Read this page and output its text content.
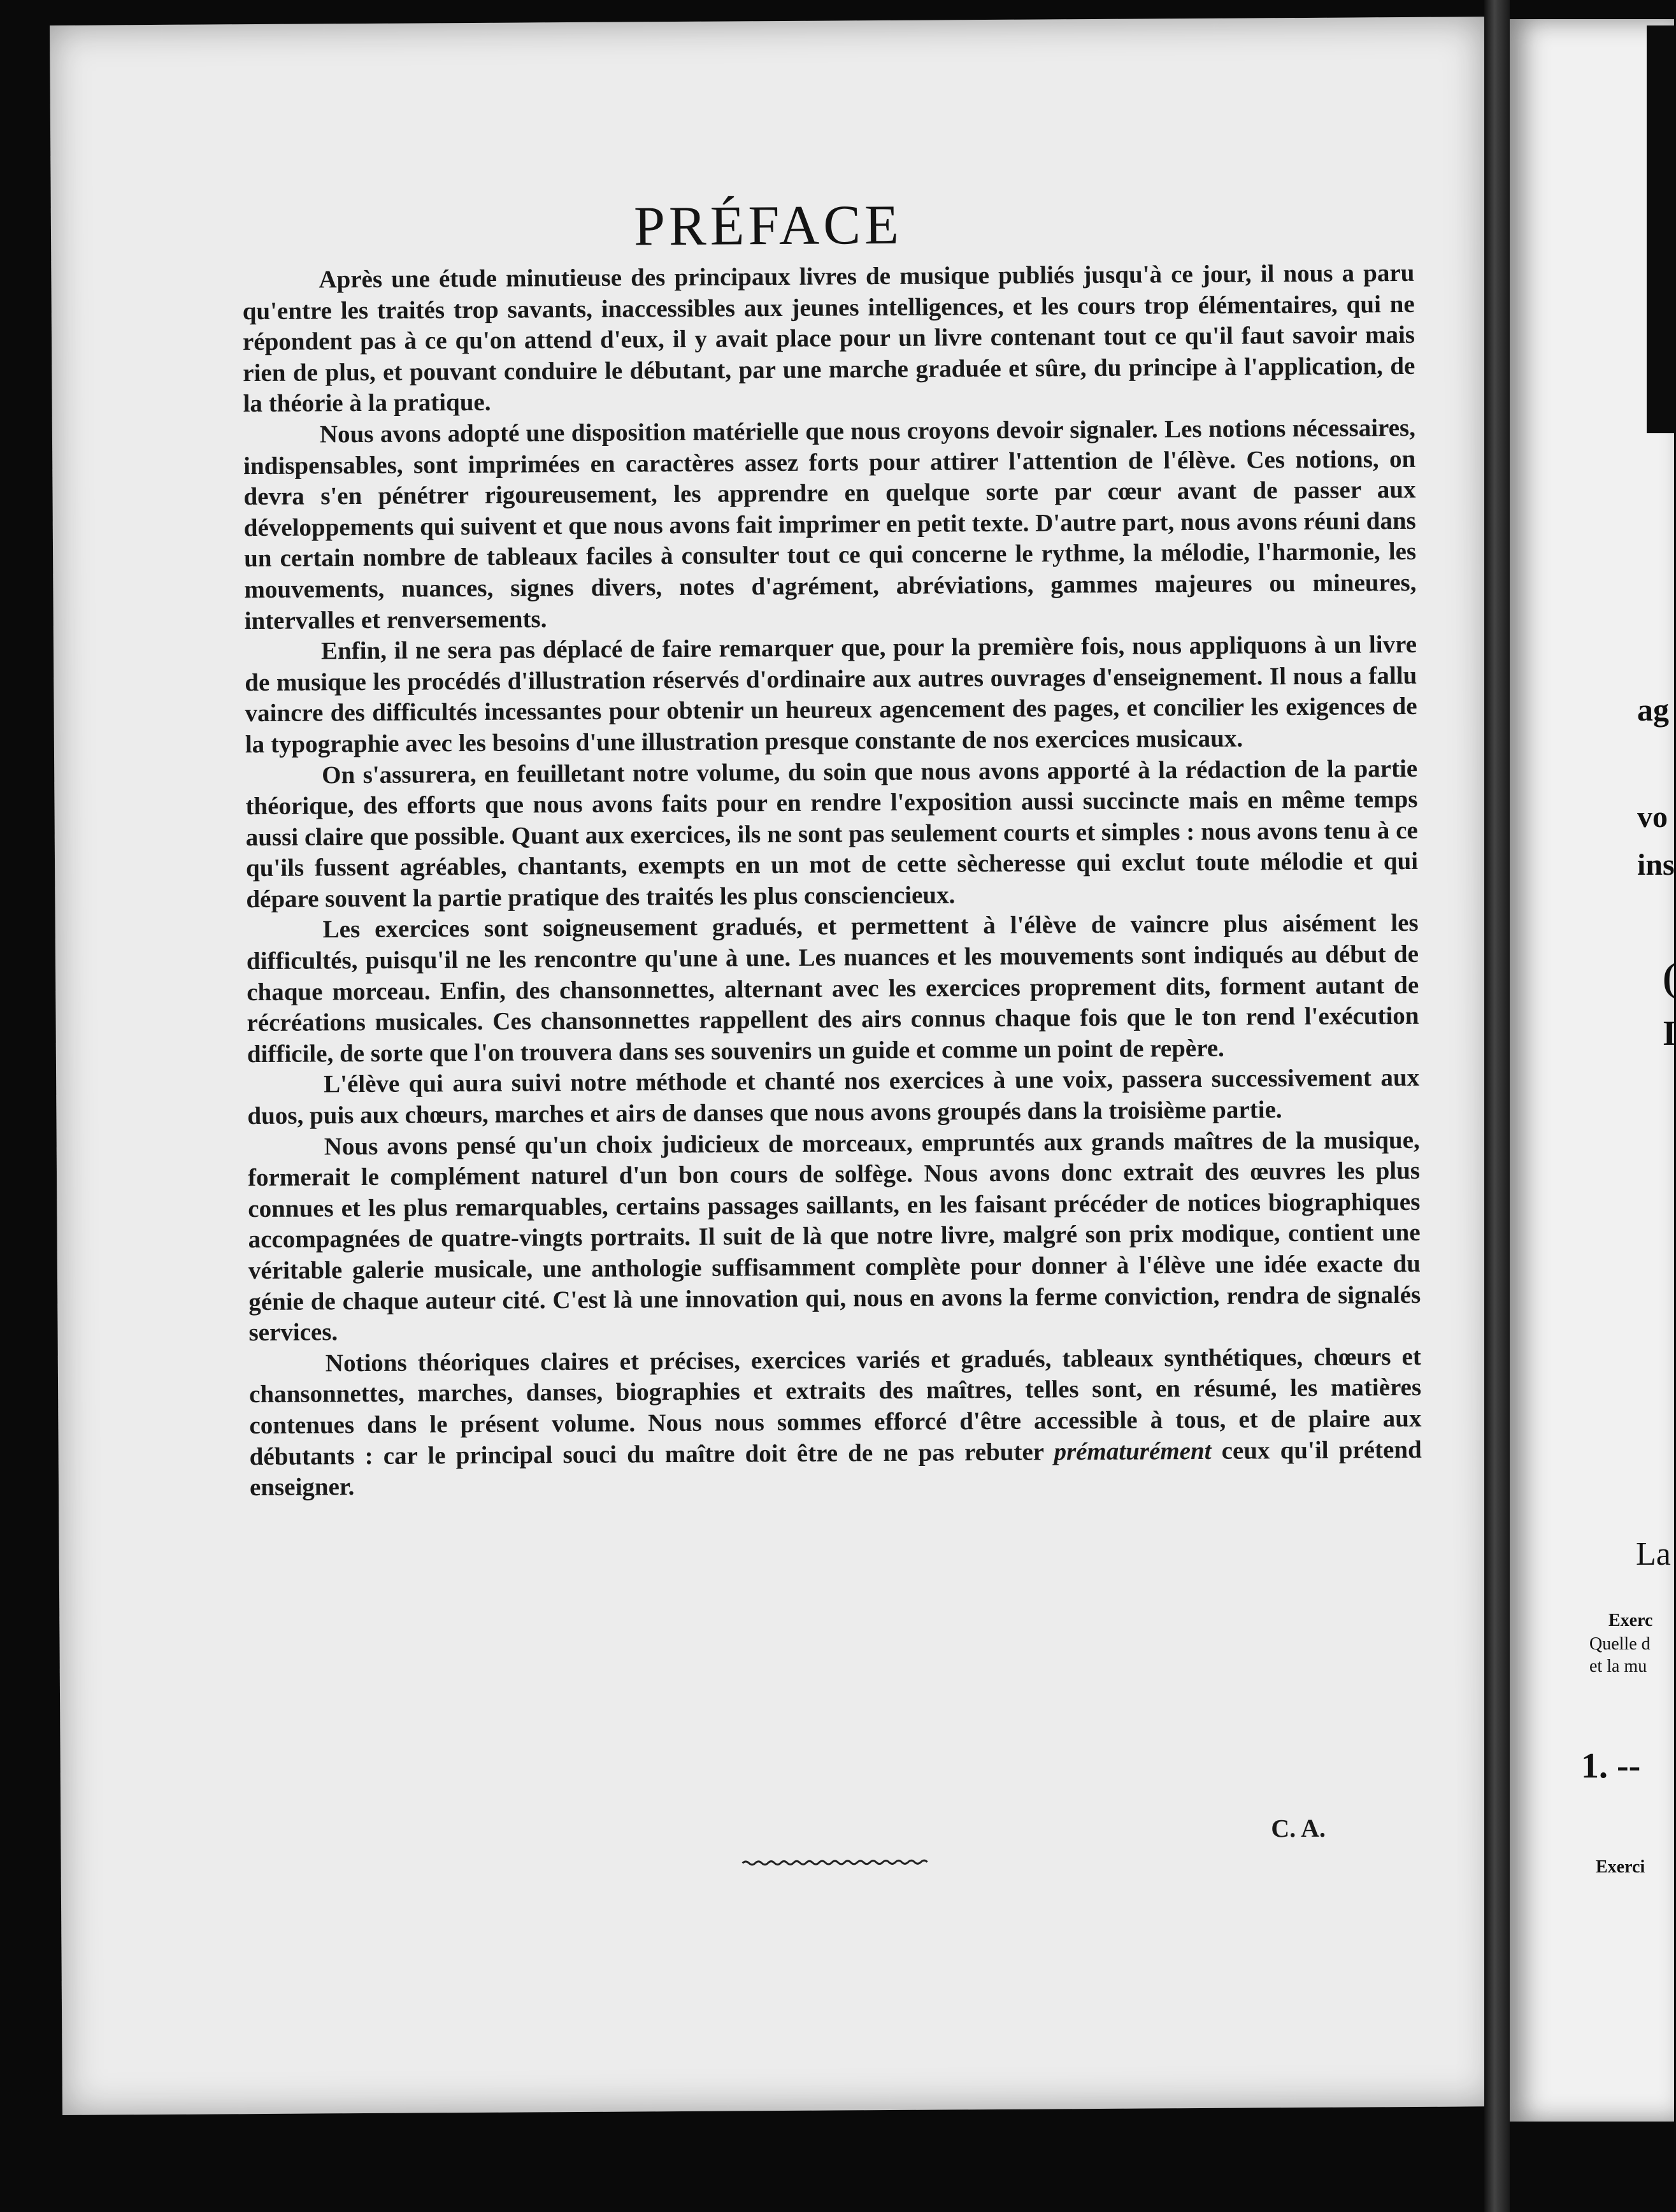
PRÉFACE

Après une étude minutieuse des principaux livres de musique publiés jusqu'à ce jour, il nous a paru qu'entre les traités trop savants, inaccessibles aux jeunes intelligences, et les cours trop élémentaires, qui ne répondent pas à ce qu'on attend d'eux, il y avait place pour un livre contenant tout ce qu'il faut savoir mais rien de plus, et pouvant conduire le débutant, par une marche graduée et sûre, du principe à l'application, de la théorie à la pratique.

Nous avons adopté une disposition matérielle que nous croyons devoir signaler. Les notions nécessaires, indispensables, sont imprimées en caractères assez forts pour attirer l'attention de l'élève. Ces notions, on devra s'en pénétrer rigoureusement, les apprendre en quelque sorte par cœur avant de passer aux développements qui suivent et que nous avons fait imprimer en petit texte. D'autre part, nous avons réuni dans un certain nombre de tableaux faciles à consulter tout ce qui concerne le rythme, la mélodie, l'harmonie, les mouvements, nuances, signes divers, notes d'agrément, abréviations, gammes majeures ou mineures, intervalles et renversements.

Enfin, il ne sera pas déplacé de faire remarquer que, pour la première fois, nous appliquons à un livre de musique les procédés d'illustration réservés d'ordinaire aux autres ouvrages d'enseignement. Il nous a fallu vaincre des difficultés incessantes pour obtenir un heureux agencement des pages, et concilier les exigences de la typographie avec les besoins d'une illustration presque constante de nos exercices musicaux.

On s'assurera, en feuilletant notre volume, du soin que nous avons apporté à la rédaction de la partie théorique, des efforts que nous avons faits pour en rendre l'exposition aussi succincte mais en même temps aussi claire que possible. Quant aux exercices, ils ne sont pas seulement courts et simples : nous avons tenu à ce qu'ils fussent agréables, chantants, exempts en un mot de cette sècheresse qui exclut toute mélodie et qui dépare souvent la partie pratique des traités les plus consciencieux.

Les exercices sont soigneusement gradués, et permettent à l'élève de vaincre plus aisément les difficultés, puisqu'il ne les rencontre qu'une à une. Les nuances et les mouvements sont indiqués au début de chaque morceau. Enfin, des chansonnettes, alternant avec les exercices proprement dits, forment autant de récréations musicales. Ces chansonnettes rappellent des airs connus chaque fois que le ton rend l'exécution difficile, de sorte que l'on trouvera dans ses souvenirs un guide et comme un point de repère.

L'élève qui aura suivi notre méthode et chanté nos exercices à une voix, passera successivement aux duos, puis aux chœurs, marches et airs de danses que nous avons groupés dans la troisième partie.

Nous avons pensé qu'un choix judicieux de morceaux, empruntés aux grands maîtres de la musique, formerait le complément naturel d'un bon cours de solfège. Nous avons donc extrait des œuvres les plus connues et les plus remarquables, certains passages saillants, en les faisant précéder de notices biographiques accompagnées de quatre-vingts portraits. Il suit de là que notre livre, malgré son prix modique, contient une véritable galerie musicale, une anthologie suffisamment complète pour donner à l'élève une idée exacte du génie de chaque auteur cité. C'est là une innovation qui, nous en avons la ferme conviction, rendra de signalés services.

Notions théoriques claires et précises, exercices variés et gradués, tableaux synthétiques, chœurs et chansonnettes, marches, danses, biographies et extraits des maîtres, telles sont, en résumé, les matières contenues dans le présent volume. Nous nous sommes efforcé d'être accessible à tous, et de plaire aux débutants : car le principal souci du maître doit être de ne pas rebuter prématurément ceux qu'il prétend enseigner.

C. A.
ag
vo
ins
(
I
La
Exerc
Quelle d
et la mu
1. --
Exerci
